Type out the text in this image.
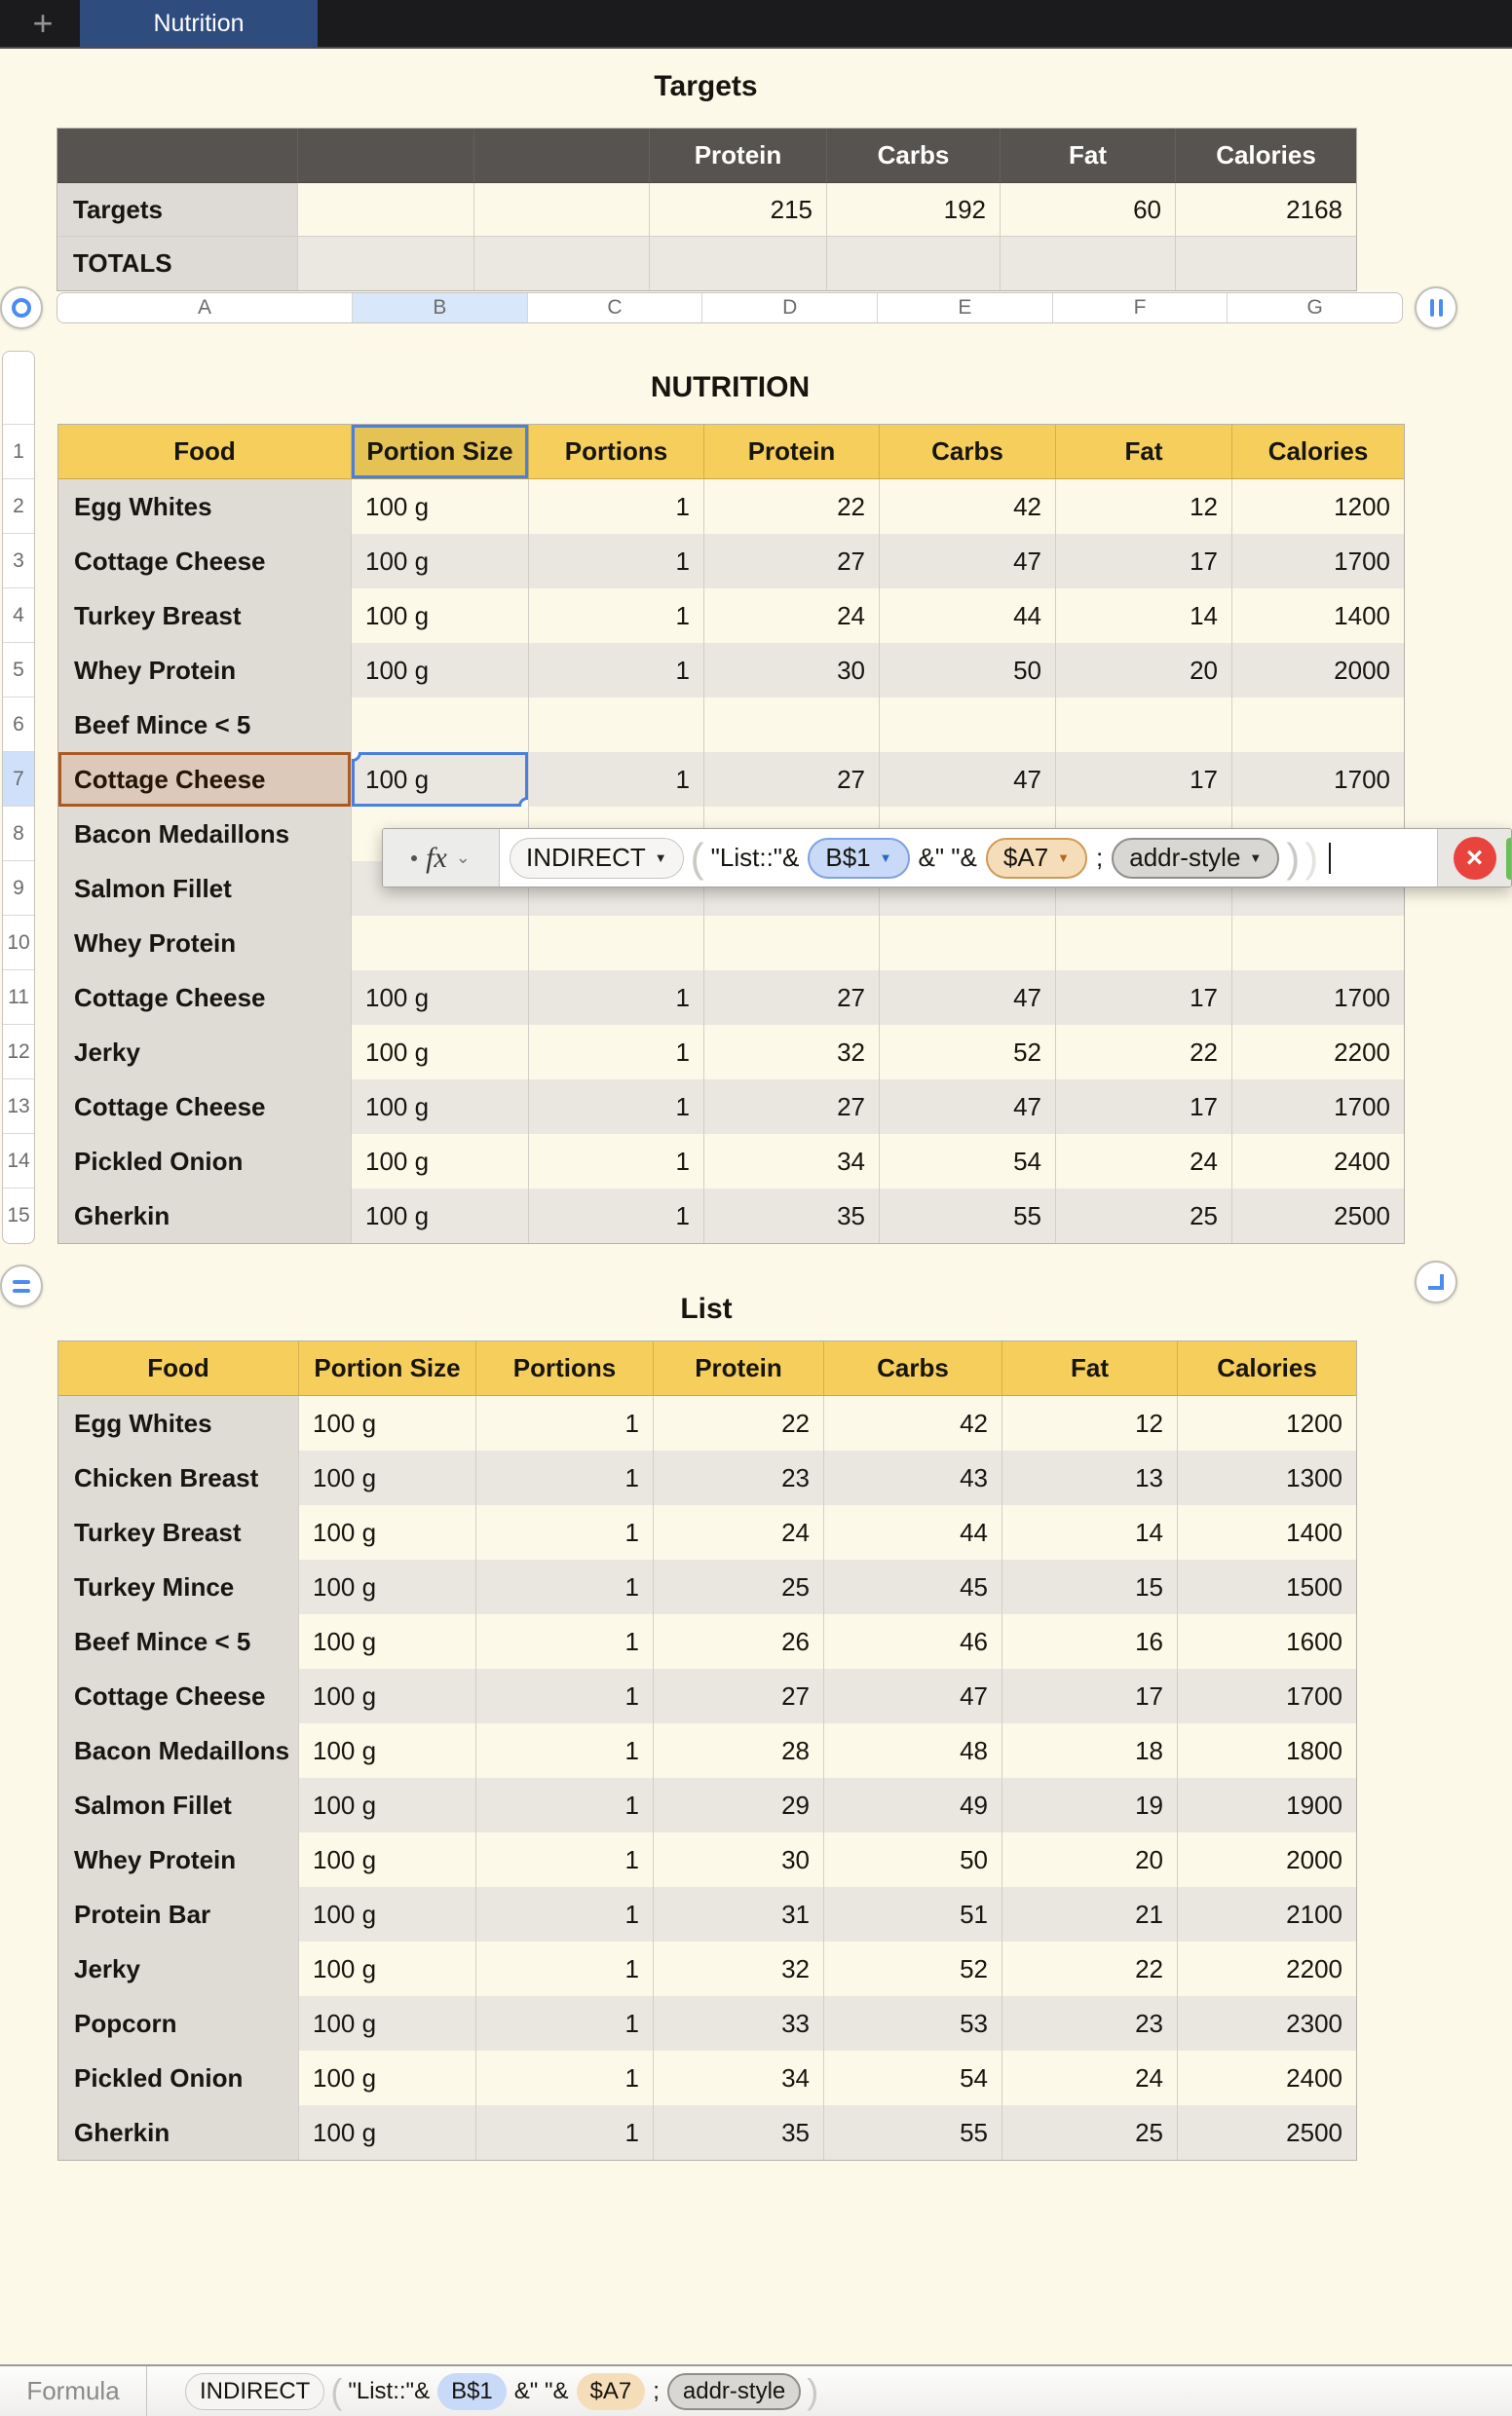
+	Nutrition
Targets
Protein	Carbs	Fat	Calories
Targets	215	192	60	2168
TOTALS
A	B	C	D	E	F	G
NUTRITION
1
2
3
4
5
6
7
8
9
10
11
12
13
14
15
Food	Portion Size	Portions	Protein	Carbs	Fat	Calories
Egg Whites	100 g	1	22	42	12	1200
Cottage Cheese	100 g	1	27	47	17	1700
Turkey Breast	100 g	1	24	44	14	1400
Whey Protein	100 g	1	30	50	20	2000
Beef Mince < 5
Cottage Cheese	100 g	1	27	47	17	1700
Bacon Medaillons
Salmon Fillet
Whey Protein
Cottage Cheese	100 g	1	27	47	17	1700
Jerky	100 g	1	32	52	22	2200
Cottage Cheese	100 g	1	27	47	17	1700
Pickled Onion	100 g	1	34	54	24	2400
Gherkin	100 g	1	35	55	25	2500
fx ⌄ INDIRECT ▼ ( "List::"& B$1 ▼ &" "& $A7 ▼ ; addr-style ▼ ) )	×
List
Food	Portion Size	Portions	Protein	Carbs	Fat	Calories
Egg Whites	100 g	1	22	42	12	1200
Chicken Breast	100 g	1	23	43	13	1300
Turkey Breast	100 g	1	24	44	14	1400
Turkey Mince	100 g	1	25	45	15	1500
Beef Mince < 5	100 g	1	26	46	16	1600
Cottage Cheese	100 g	1	27	47	17	1700
Bacon Medaillons 100 g	1	28	48	18	1800
Salmon Fillet	100 g	1	29	49	19	1900
Whey Protein	100 g	1	30	50	20	2000
Protein Bar	100 g	1	31	51	21	2100
Jerky	100 g	1	32	52	22	2200
Popcorn	100 g	1	33	53	23	2300
Pickled Onion	100 g	1	34	54	24	2400
Gherkin	100 g	1	35	55	25	2500
Formula	INDIRECT ( "List::"& B$1 &" "& $A7 ; addr-style )
